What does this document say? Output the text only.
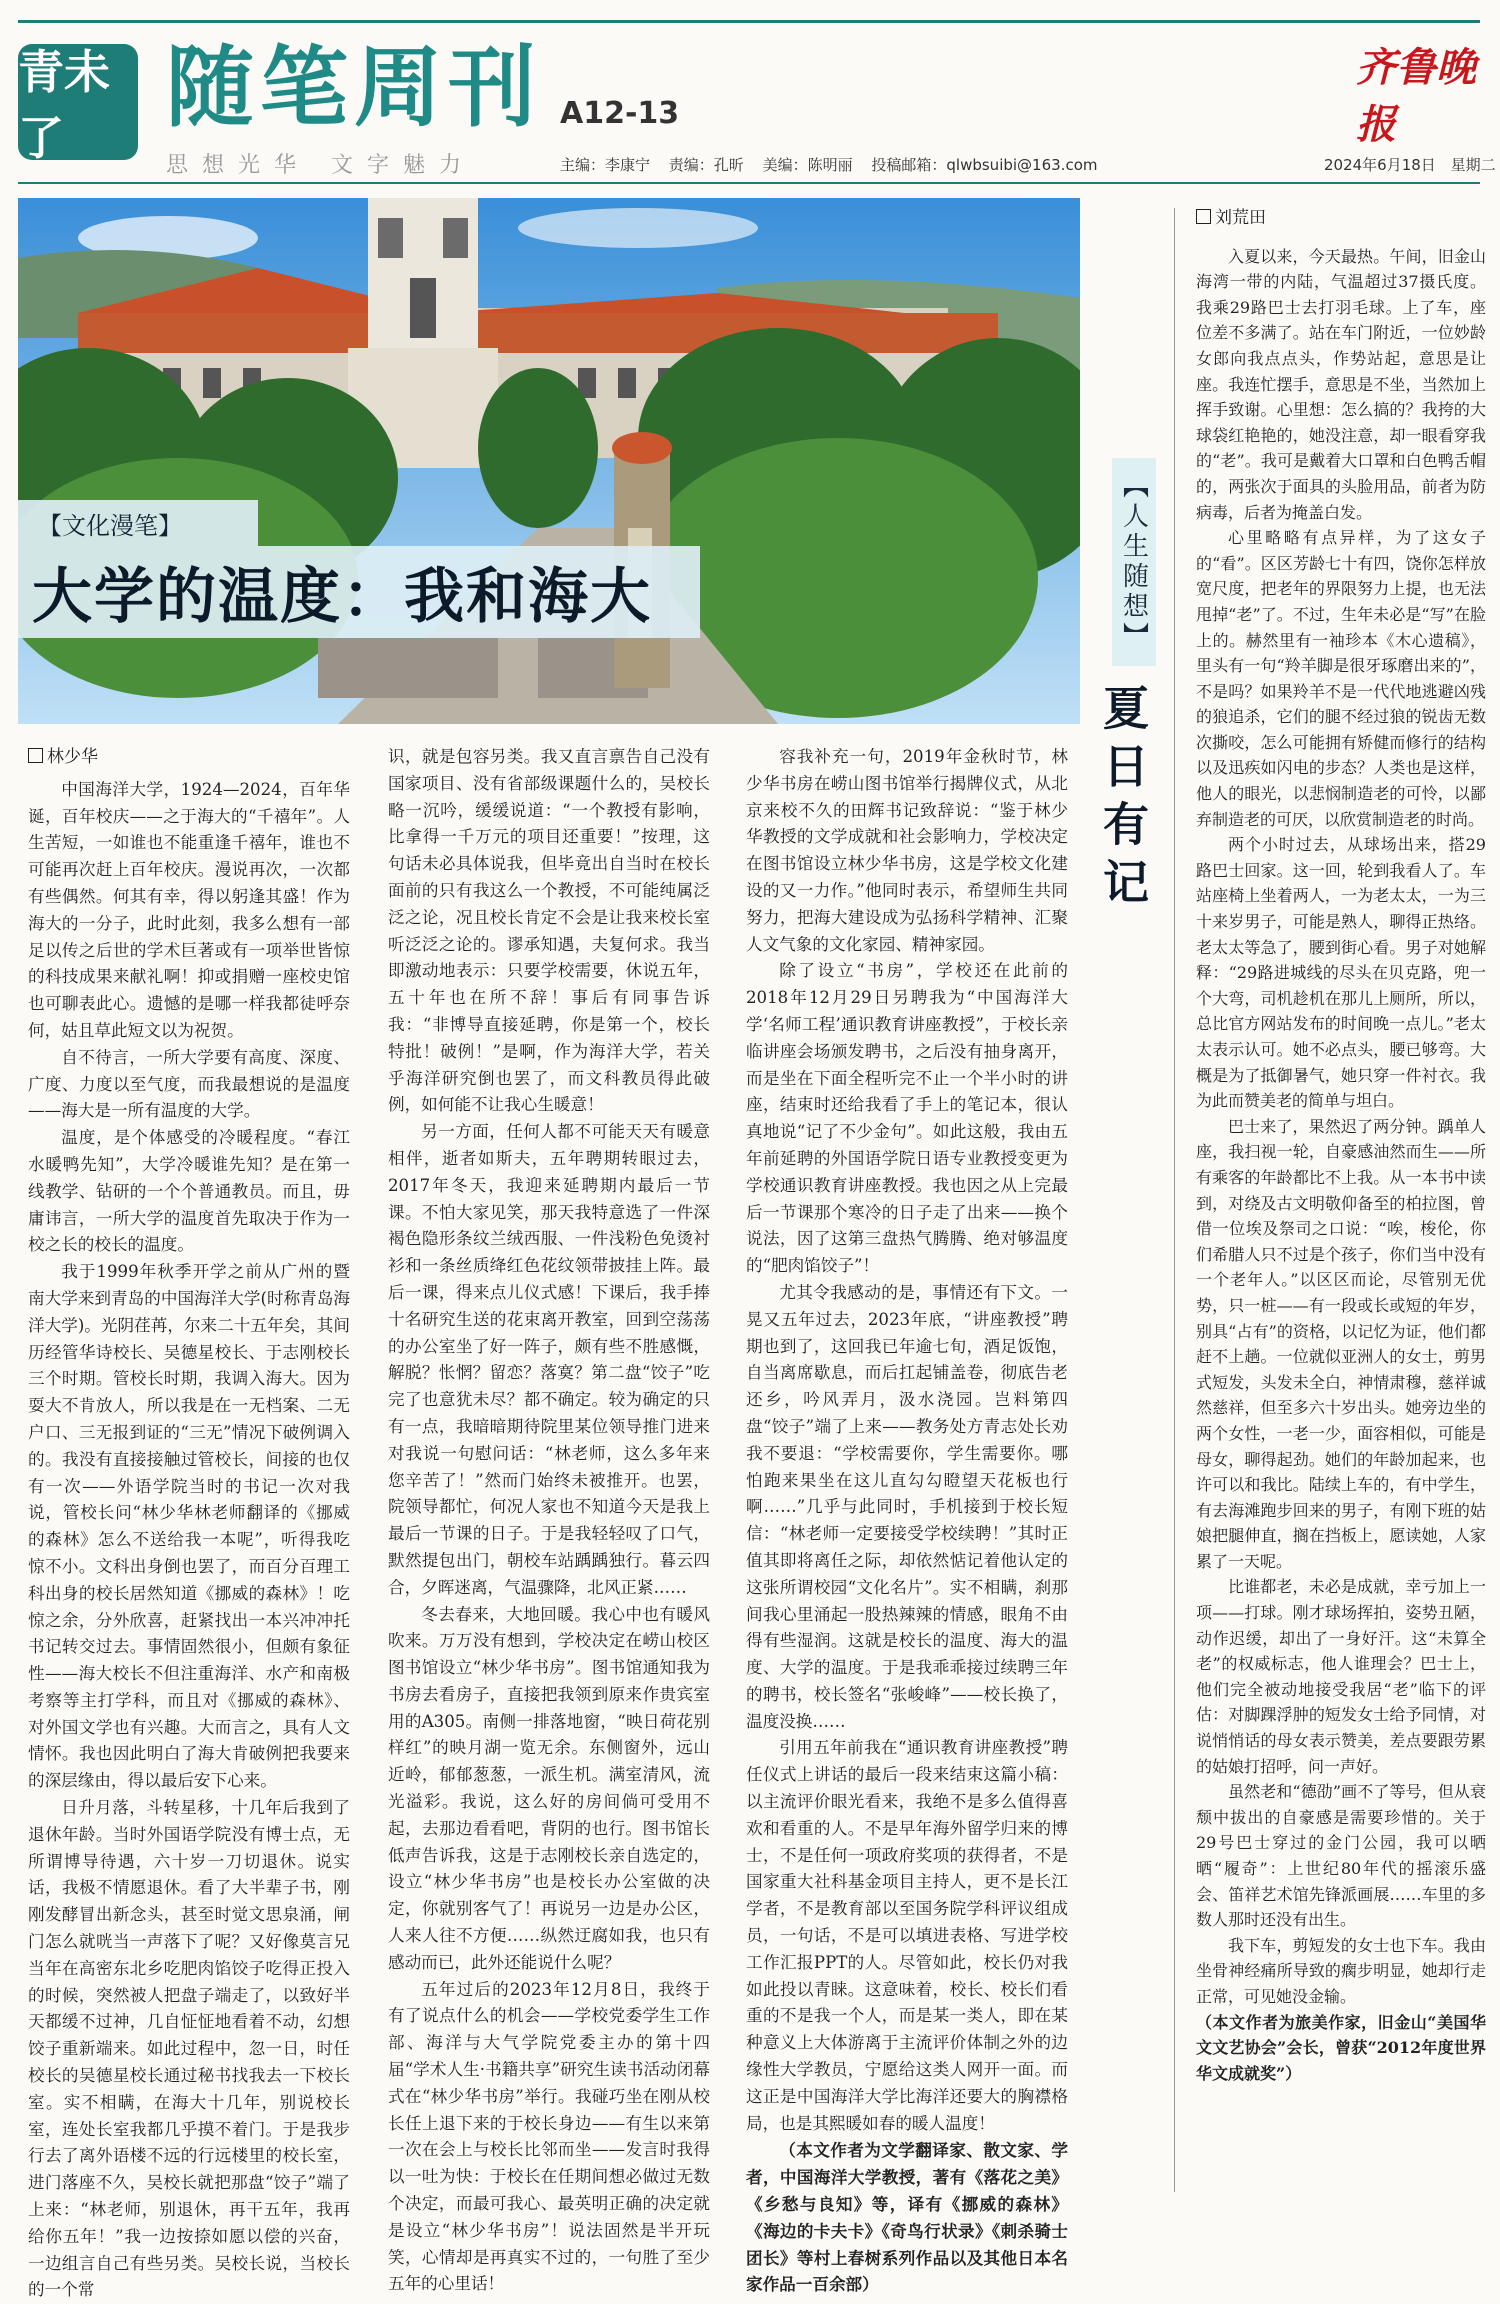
青未了	随笔周刊 A12-13
思想光华 文字魅力	主编：李康宁 责编：孔昕 美编：陈明丽 投稿邮箱：qlwbsuibi@163.com
齐鲁晚报
2024年6月18日 星期二
【文化漫笔】
大学的温度：我和海大
林少华

中国海洋大学，1924—2024，百年华诞，百年校庆——之于海大的“千禧年”。人生苦短，一如谁也不能重逢千禧年，谁也不可能再次赶上百年校庆。漫说再次，一次都有些偶然。何其有幸，得以躬逢其盛！作为海大的一分子，此时此刻，我多么想有一部足以传之后世的学术巨著或有一项举世皆惊的科技成果来献礼啊！抑或捐赠一座校史馆也可聊表此心。遗憾的是哪一样我都徒呼奈何，姑且草此短文以为祝贺。

自不待言，一所大学要有高度、深度、广度、力度以至气度，而我最想说的是温度——海大是一所有温度的大学。

温度，是个体感受的冷暖程度。“春江水暖鸭先知”，大学冷暖谁先知？是在第一线教学、钻研的一个个普通教员。而且，毋庸讳言，一所大学的温度首先取决于作为一校之长的校长的温度。

我于1999年秋季开学之前从广州的暨南大学来到青岛的中国海洋大学(时称青岛海洋大学)。光阴荏苒，尔来二十五年矣，其间历经管华诗校长、吴德星校长、于志刚校长三个时期。管校长时期，我调入海大。因为耍大不肯放人，所以我是在一无档案、二无户口、三无报到证的“三无”情况下破例调入的。我没有直接接触过管校长，间接的也仅有一次——外语学院当时的书记一次对我说，管校长问“林少华林老师翻译的《挪威的森林》怎么不送给我一本呢”，听得我吃惊不小。文科出身倒也罢了，而百分百理工科出身的校长居然知道《挪威的森林》！吃惊之余，分外欣喜，赶紧找出一本兴冲冲托书记转交过去。事情固然很小，但颇有象征性——海大校长不但注重海洋、水产和南极考察等主打学科，而且对《挪威的森林》、对外国文学也有兴趣。大而言之，具有人文情怀。我也因此明白了海大肯破例把我要来的深层缘由，得以最后安下心来。

日升月落，斗转星移，十几年后我到了退休年龄。当时外国语学院没有博士点，无所谓博导待遇，六十岁一刀切退休。说实话，我极不情愿退休。看了大半辈子书，刚刚发酵冒出新念头，甚至时觉文思泉涌，闸门怎么就咣当一声落下了呢？又好像莫言兄当年在高密东北乡吃肥肉馅饺子吃得正投入的时候，突然被人把盘子端走了，以致好半天都缓不过神，几自怔怔地看着不动，幻想饺子重新端来。如此过程中，忽一日，时任校长的吴德星校长通过秘书找我去一下校长室。实不相瞒，在海大十几年，别说校长室，连处长室我都几乎摸不着门。于是我步行去了离外语楼不远的行远楼里的校长室，进门落座不久，吴校长就把那盘“饺子”端了上来：“林老师，别退休，再干五年，我再给你五年！”我一边按捺如愿以偿的兴奋，一边组言自己有些另类。吴校长说，当校长的一个常

识，就是包容另类。我又直言禀告自己没有国家项目、没有省部级课题什么的，吴校长略一沉吟，缓缓说道：“一个教授有影响，比拿得一千万元的项目还重要！”按理，这句话未必具体说我，但毕竟出自当时在校长面前的只有我这么一个教授，不可能纯属泛泛之论，况且校长肯定不会是让我来校长室听泛泛之论的。谬承知遇，夫复何求。我当即激动地表示：只要学校需要，休说五年，五十年也在所不辞！事后有同事告诉我：“非博导直接延聘，你是第一个，校长特批！破例！”是啊，作为海洋大学，若关乎海洋研究倒也罢了，而文科教员得此破例，如何能不让我心生暖意！

另一方面，任何人都不可能天天有暖意相伴，逝者如斯夫，五年聘期转眼过去，2017年冬天，我迎来延聘期内最后一节课。不怕大家见笑，那天我特意选了一件深褐色隐形条纹兰绒西服、一件浅粉色免烫衬衫和一条丝质绛红色花纹领带披挂上阵。最后一课，得来点儿仪式感！下课后，我手捧十名研究生送的花束离开教室，回到空荡荡的办公室坐了好一阵子，颇有些不胜感慨，解脱？怅惘？留恋？落寞？第二盘“饺子”吃完了也意犹未尽？都不确定。较为确定的只有一点，我暗暗期待院里某位领导推门进来对我说一句慰问话：“林老师，这么多年来您辛苦了！”然而门始终未被推开。也罢，院领导都忙，何况人家也不知道今天是我上最后一节课的日子。于是我轻轻叹了口气，默然提包出门，朝校车站踽踽独行。暮云四合，夕晖迷离，气温骤降，北风正紧……

冬去春来，大地回暖。我心中也有暖风吹来。万万没有想到，学校决定在崂山校区图书馆设立“林少华书房”。图书馆通知我为书房去看房子，直接把我领到原来作贵宾室用的A305。南侧一排落地窗，“映日荷花别样红”的映月湖一览无余。东侧窗外，远山近岭，郁郁葱葱，一派生机。满室清风，流光溢彩。我说，这么好的房间倘可受用不起，去那边看看吧，背阴的也行。图书馆长低声告诉我，这是于志刚校长亲自选定的，设立“林少华书房”也是校长办公室做的决定，你就别客气了！再说另一边是办公区，人来人往不方便……纵然迂腐如我，也只有感动而已，此外还能说什么呢？

五年过后的2023年12月8日，我终于有了说点什么的机会——学校党委学生工作部、海洋与大气学院党委主办的第十四届“学术人生·书籍共享”研究生读书活动闭幕式在“林少华书房”举行。我碰巧坐在刚从校长任上退下来的于校长身边——有生以来第一次在会上与校长比邻而坐——发言时我得以一吐为快：于校长在任期间想必做过无数个决定，而最可我心、最英明正确的决定就是设立“林少华书房”！说法固然是半开玩笑，心情却是再真实不过的，一句胜了至少五年的心里话！

容我补充一句，2019年金秋时节，林少华书房在崂山图书馆举行揭牌仪式，从北京来校不久的田辉书记致辞说：“鉴于林少华教授的文学成就和社会影响力，学校决定在图书馆设立林少华书房，这是学校文化建设的又一力作。”他同时表示，希望师生共同努力，把海大建设成为弘扬科学精神、汇聚人文气象的文化家园、精神家园。

除了设立“书房”，学校还在此前的2018年12月29日另聘我为“中国海洋大学‘名师工程’通识教育讲座教授”，于校长亲临讲座会场颁发聘书，之后没有抽身离开，而是坐在下面全程听完不止一个半小时的讲座，结束时还给我看了手上的笔记本，很认真地说“记了不少金句”。如此这般，我由五年前延聘的外国语学院日语专业教授变更为学校通识教育讲座教授。我也因之从上完最后一节课那个寒冷的日子走了出来——换个说法，因了这第三盘热气腾腾、绝对够温度的“肥肉馅饺子”！

尤其令我感动的是，事情还有下文。一晃又五年过去，2023年底，“讲座教授”聘期也到了，这回我已年逾七旬，酒足饭饱，自当离席歇息，而后扛起铺盖卷，彻底告老还乡，吟风弄月，汲水浇园。岂料第四盘“饺子”端了上来——教务处方青志处长劝我不要退：“学校需要你，学生需要你。哪怕跑来果坐在这儿直勾勾瞪望天花板也行啊……”几乎与此同时，手机接到于校长短信：“林老师一定要接受学校续聘！”其时正值其即将离任之际，却依然惦记着他认定的这张所谓校园“文化名片”。实不相瞒，刹那间我心里涌起一股热辣辣的情感，眼角不由得有些湿润。这就是校长的温度、海大的温度、大学的温度。于是我乖乖接过续聘三年的聘书，校长签名“张峻峰”——校长换了，温度没换……

引用五年前我在“通识教育讲座教授”聘任仪式上讲话的最后一段来结束这篇小稿：以主流评价眼光看来，我绝不是多么值得喜欢和看重的人。不是早年海外留学归来的博士，不是任何一项政府奖项的获得者，不是国家重大社科基金项目主持人，更不是长江学者，不是教育部以至国务院学科评议组成员，一句话，不是可以填进表格、写进学校工作汇报PPT的人。尽管如此，校长仍对我如此投以青睐。这意味着，校长、校长们看重的不是我一个人，而是某一类人，即在某种意义上大体游离于主流评价体制之外的边缘性大学教员，宁愿给这类人网开一面。而这正是中国海洋大学比海洋还要大的胸襟格局，也是其熙暖如春的暖人温度！

（本文作者为文学翻译家、散文家、学者，中国海洋大学教授，著有《落花之美》《乡愁与良知》等，译有《挪威的森林》《海边的卡夫卡》《奇鸟行状录》《刺杀骑士团长》等村上春树系列作品以及其他日本名家作品一百余部）

【人生随想】
夏日有记
刘荒田

入夏以来，今天最热。午间，旧金山海湾一带的内陆，气温超过37摄氏度。我乘29路巴士去打羽毛球。上了车，座位差不多满了。站在车门附近，一位妙龄女郎向我点点头，作势站起，意思是让座。我连忙摆手，意思是不坐，当然加上挥手致谢。心里想：怎么搞的？我挎的大球袋红艳艳的，她没注意，却一眼看穿我的“老”。我可是戴着大口罩和白色鸭舌帽的，两张次于面具的头脸用品，前者为防病毒，后者为掩盖白发。

心里略略有点异样，为了这女子的“看”。区区芳龄七十有四，饶你怎样放宽尺度，把老年的界限努力上提，也无法甩掉“老”了。不过，生年未必是“写”在脸上的。赫然里有一袖珍本《木心遗稿》，里头有一句“羚羊脚是很牙琢磨出来的”，不是吗？如果羚羊不是一代代地逃避凶残的狼追杀，它们的腿不经过狼的锐齿无数次撕咬，怎么可能拥有矫健而修行的结构以及迅疾如闪电的步态？人类也是这样，他人的眼光，以悲悯制造老的可怜，以鄙弃制造老的可厌，以欣赏制造老的时尚。

两个小时过去，从球场出来，搭29路巴士回家。这一回，轮到我看人了。车站座椅上坐着两人，一为老太太，一为三十来岁男子，可能是熟人，聊得正热络。老太太等急了，腰到街心看。男子对她解释：“29路进城线的尽头在贝克路，兜一个大弯，司机趁机在那儿上厕所，所以，总比官方网站发布的时间晚一点儿。”老太太表示认可。她不必点头，腰已够弯。大概是为了抵御暑气，她只穿一件衬衣。我为此而赞美老的简单与坦白。

巴士来了，果然迟了两分钟。踽单人座，我扫视一轮，自豪感油然而生——所有乘客的年龄都比不上我。从一本书中读到，对绕及古文明敬仰备至的柏拉图，曾借一位埃及祭司之口说：“唉，梭伦，你们希腊人只不过是个孩子，你们当中没有一个老年人。”以区区而论，尽管别无优势，只一桩——有一段或长或短的年岁，别具“占有”的资格，以记忆为证，他们都赶不上趟。一位就似亚洲人的女士，剪男式短发，头发未全白，神情肃穆，慈祥诚然慈祥，但至多六十岁出头。她旁边坐的两个女性，一老一少，面容相似，可能是母女，聊得起劲。她们的年龄加起来，也许可以和我比。陆续上车的，有中学生，有去海滩跑步回来的男子，有刚下班的姑娘把腿伸直，搁在挡板上，愿读她，人家累了一天呢。

比谁都老，未必是成就，幸亏加上一项——打球。刚才球场挥拍，姿势丑陋，动作迟缓，却出了一身好汗。这“未算全老”的权威标志，他人谁理会？巴士上，他们完全被动地接受我居“老”临下的评估：对脚踝浮肿的短发女士给予同情，对说悄悄话的母女表示赞美，差点要跟劳累的姑娘打招呼，问一声好。

虽然老和“德劭”画不了等号，但从衰颓中拔出的自豪感是需要珍惜的。关于29号巴士穿过的金门公园，我可以晒晒“履奇”：上世纪80年代的摇滚乐盛会、笛祥艺术馆先锋派画展……车里的多数人那时还没有出生。

我下车，剪短发的女士也下车。我由坐骨神经痛所导致的瘸步明显，她却行走正常，可见她没金输。

（本文作者为旅美作家，旧金山“美国华文文艺协会”会长，曾获“2012年度世界华文成就奖”）
